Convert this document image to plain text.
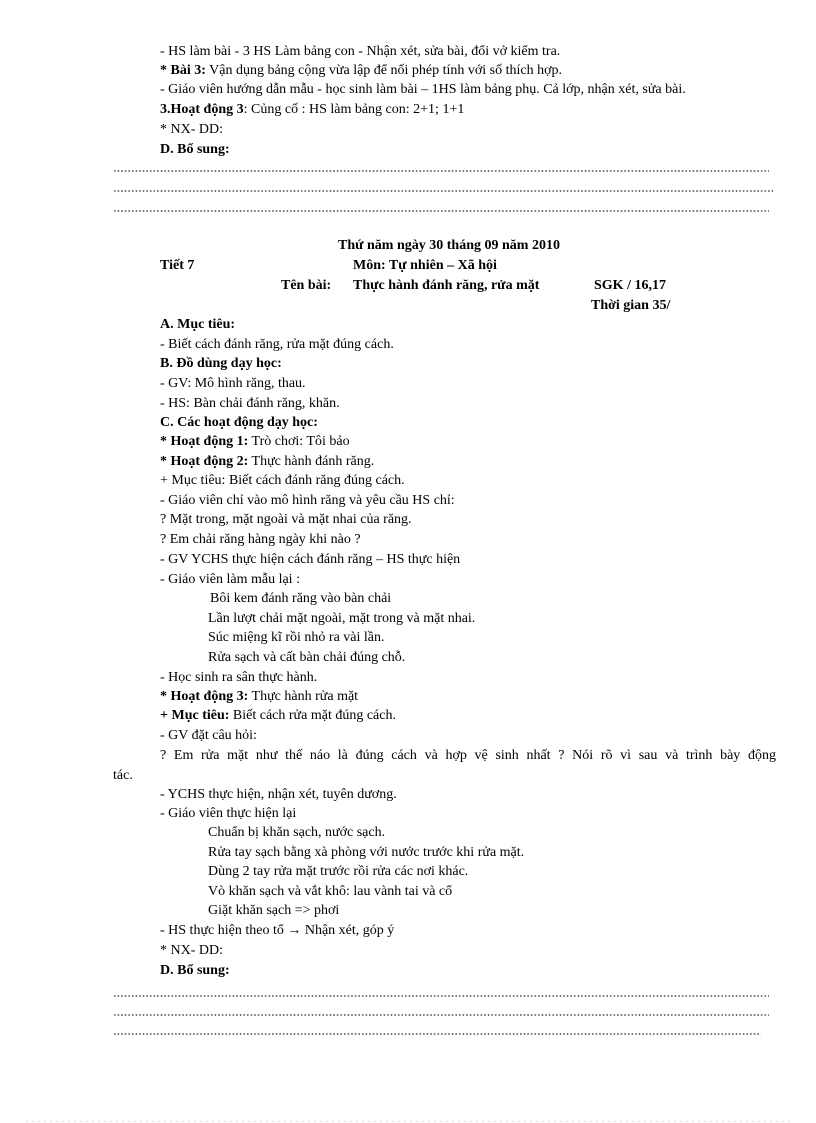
- HS làm bài - 3 HS Làm bảng con - Nhận xét, sửa bài, đổi vở kiểm tra.
* Bài 3: Vận dụng bảng cộng vừa lập để nối phép tính với số thích hợp.
- Giáo viên hướng dẫn mẫu - học sinh làm bài – 1HS làm bảng phụ. Cả lớp, nhận xét, sửa bài.
3.Hoạt động 3: Củng cố : HS làm bảng con: 2+1; 1+1
* NX- DD:
D. Bổ sung:
Thứ năm ngày 30 tháng 09 năm 2010
Tiết 7	Môn: Tự nhiên – Xã hội
Tên bài: Thực hành đánh răng, rửa mặt	SGK / 16,17
Thời gian 35/
A. Mục tiêu:
- Biết cách đánh răng, rửa mặt đúng cách.
B. Đồ dùng dạy học:
- GV: Mô hình răng, thau.
- HS: Bàn chải đánh răng, khăn.
C. Các hoạt động dạy học:
* Hoạt động 1: Trò chơi: Tôi bảo
* Hoạt động 2: Thực hành đánh răng.
+ Mục tiêu: Biết cách đánh răng đúng cách.
- Giáo viên chỉ vào mô hình răng và yêu cầu HS chỉ:
? Mặt trong, mặt ngoài và mặt nhai của răng.
? Em chải răng hàng ngày khi nào ?
- GV YCHS thực hiện cách đánh răng – HS thực hiện
- Giáo viên làm mẫu lại :
Bôi kem đánh răng vào bàn chải
Lần lượt chải mặt ngoài, mặt trong và mặt nhai.
Súc miệng kĩ rồi nhỏ ra vài lần.
Rửa sạch và cất bàn chải đúng chỗ.
- Học sinh ra sân thực hành.
* Hoạt động 3: Thực hành rửa mặt
+ Mục tiêu: Biết cách rửa mặt đúng cách.
- GV đặt câu hỏi:
? Em rửa mặt như thế náo là đúng cách và hợp vệ sinh nhất ? Nói rõ vì sau và trình bày động
tác.
- YCHS thực hiện, nhận xét, tuyên dương.
- Giáo viên thực hiện lại
Chuẩn bị khăn sạch, nước sạch.
Rửa tay sạch bằng xà phòng với nước trước khi rửa mặt.
Dùng 2 tay rửa mặt trước rồi rửa các nơi khác.
Vò khăn sạch và vắt khô: lau vành tai và cổ
Giặt khăn sạch => phơi
- HS thực hiện theo tổ → Nhận xét, góp ý
* NX- DD:
D. Bổ sung:
